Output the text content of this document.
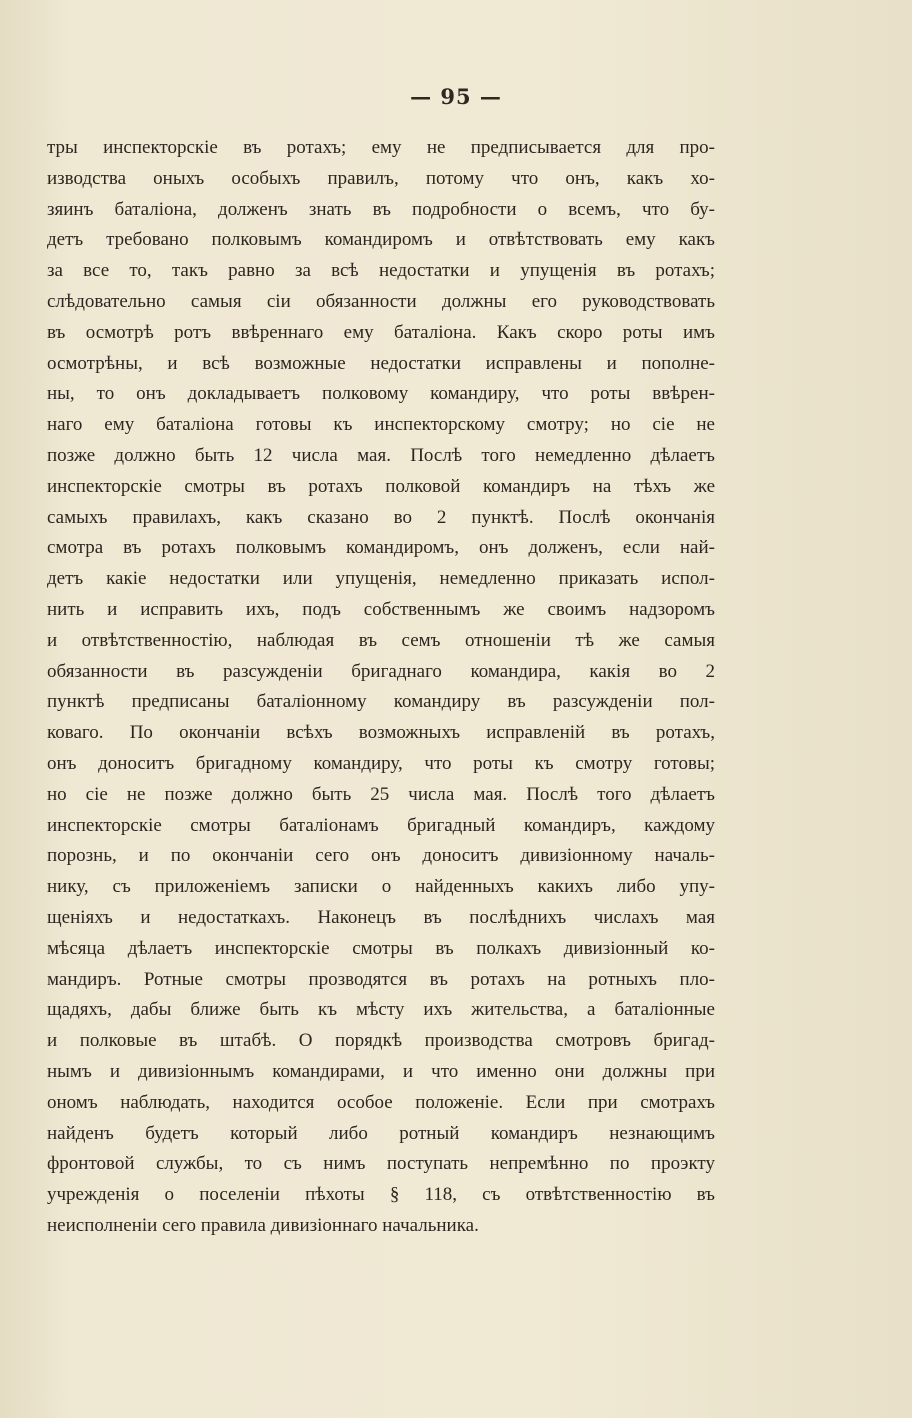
— 95 —
тры инспекторскіе въ ротахъ; ему не предписывается для про-
изводства оныхъ особыхъ правилъ, потому что онъ, какъ хо-
зяинъ баталіона, долженъ знать въ подробности о всемъ, что бу-
детъ требовано полковымъ командиромъ и отвѣтствовать ему какъ
за все то, такъ равно за всѣ недостатки и упущенія въ ротахъ;
слѣдовательно самыя сіи обязанности должны его руководствовать
въ осмотрѣ ротъ ввѣреннаго ему баталіона. Какъ скоро роты имъ
осмотрѣны, и всѣ возможные недостатки исправлены и пополне-
ны, то онъ докладываетъ полковому командиру, что роты ввѣрен-
наго ему баталіона готовы къ инспекторскому смотру; но сіе не
позже должно быть 12 числа мая. Послѣ того немедленно дѣлаетъ
инспекторскіе смотры въ ротахъ полковой командиръ на тѣхъ же
самыхъ правилахъ, какъ сказано во 2 пунктѣ. Послѣ окончанія
смотра въ ротахъ полковымъ командиромъ, онъ долженъ, если най-
детъ какіе недостатки или упущенія, немедленно приказать испол-
нить и исправить ихъ, подъ собственнымъ же своимъ надзоромъ
и отвѣтственностію, наблюдая въ семъ отношеніи тѣ же самыя
обязанности въ разсужденіи бригаднаго командира, какія во 2
пунктѣ предписаны баталіонному командиру въ разсужденіи пол-
коваго. По окончаніи всѣхъ возможныхъ исправленій въ ротахъ,
онъ доноситъ бригадному командиру, что роты къ смотру готовы;
но сіе не позже должно быть 25 числа мая. Послѣ того дѣлаетъ
инспекторскіе смотры баталіонамъ бригадный командиръ, каждому
порознь, и по окончаніи сего онъ доноситъ дивизіонному началь-
нику, съ приложеніемъ записки о найденныхъ какихъ либо упу-
щеніяхъ и недостаткахъ. Наконецъ въ послѣднихъ числахъ мая
мѣсяца дѣлаетъ инспекторскіе смотры въ полкахъ дивизіонный ко-
мандиръ. Ротные смотры прозводятся въ ротахъ на ротныхъ пло-
щадяхъ, дабы ближе быть къ мѣсту ихъ жительства, а баталіонные
и полковые въ штабѣ. О порядкѣ производства смотровъ бригад-
нымъ и дивизіоннымъ командирами, и что именно они должны при
ономъ наблюдать, находится особое положеніе. Если при смотрахъ
найденъ будетъ который либо ротный командиръ незнающимъ
фронтовой службы, то съ нимъ поступать непремѣнно по проэкту
учрежденія о поселеніи пѣхоты § 118, съ отвѣтственностію въ
неисполненіи сего правила дивизіоннаго начальника.
